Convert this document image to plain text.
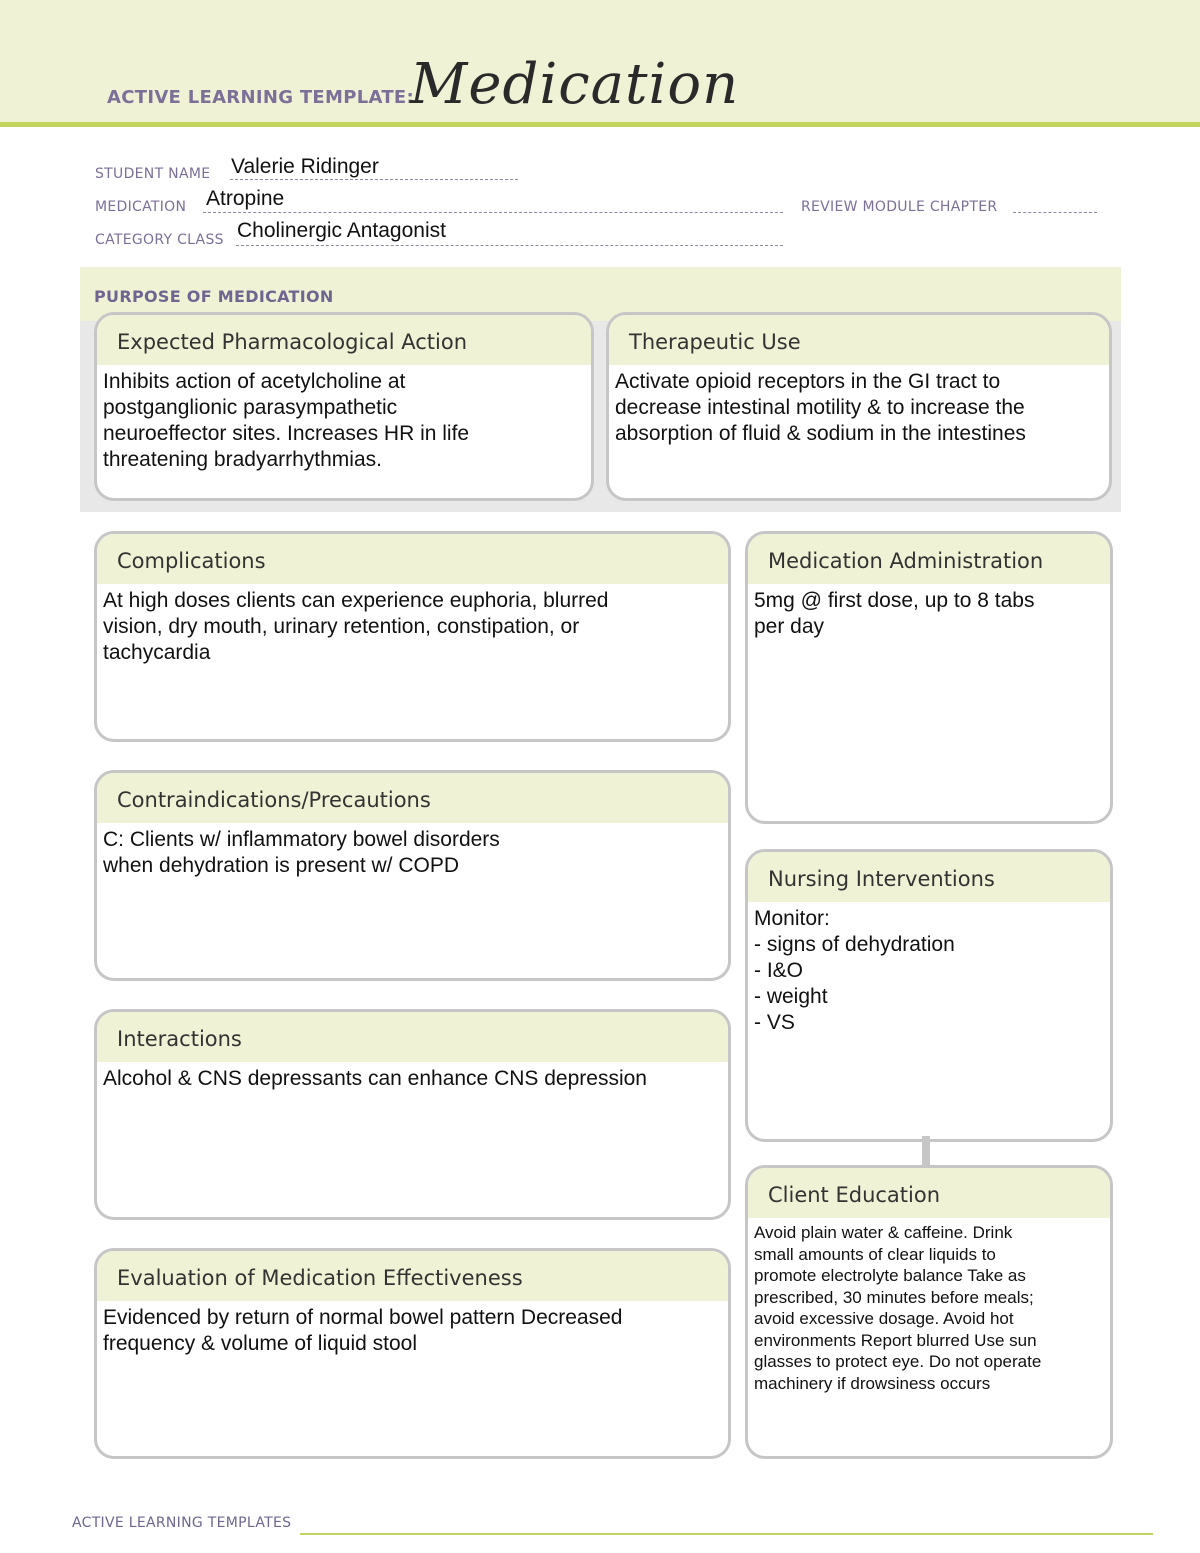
ACTIVE LEARNING TEMPLATE:
Medication
STUDENT NAME Valerie Ridinger
MEDICATION Atropine	REVIEW MODULE CHAPTER
CATEGORY CLASS Cholinergic Antagonist
PURPOSE OF MEDICATION
Expected Pharmacological Action
Inhibits action of acetylcholine at
postganglionic parasympathetic
neuroeffector sites. Increases HR in life
threatening bradyarrhythmias.
Therapeutic Use
Activate opioid receptors in the GI tract to
decrease intestinal motility & to increase the
absorption of fluid & sodium in the intestines
Complications
At high doses clients can experience euphoria, blurred
vision, dry mouth, urinary retention, constipation, or
tachycardia
Contraindications/Precautions
C: Clients w/ inflammatory bowel disorders
when dehydration is present w/ COPD
Interactions
Alcohol & CNS depressants can enhance CNS depression
Evaluation of Medication Effectiveness
Evidenced by return of normal bowel pattern Decreased
frequency & volume of liquid stool
Medication Administration
5mg @ first dose, up to 8 tabs
per day
Nursing Interventions
Monitor:
- signs of dehydration
- I&O
- weight
- VS
Client Education
Avoid plain water & caffeine. Drink
small amounts of clear liquids to
promote electrolyte balance Take as
prescribed, 30 minutes before meals;
avoid excessive dosage. Avoid hot
environments Report blurred Use sun
glasses to protect eye. Do not operate
machinery if drowsiness occurs
ACTIVE LEARNING TEMPLATES
